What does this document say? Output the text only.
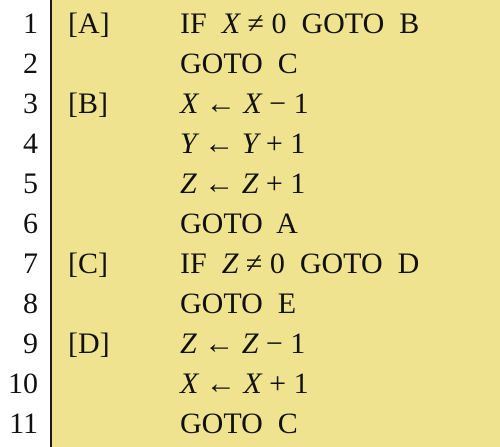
1 [A] IF  X ≠ 0  GOTO  B
2	GOTO  C
3 [B] X ← X − 1
4	Y ← Y + 1
5	Z ← Z + 1
6	GOTO  A
7 [C] IF  Z ≠ 0  GOTO  D
8	GOTO  E
9 [D] Z ← Z − 1
10	X ← X + 1
11	GOTO  C
